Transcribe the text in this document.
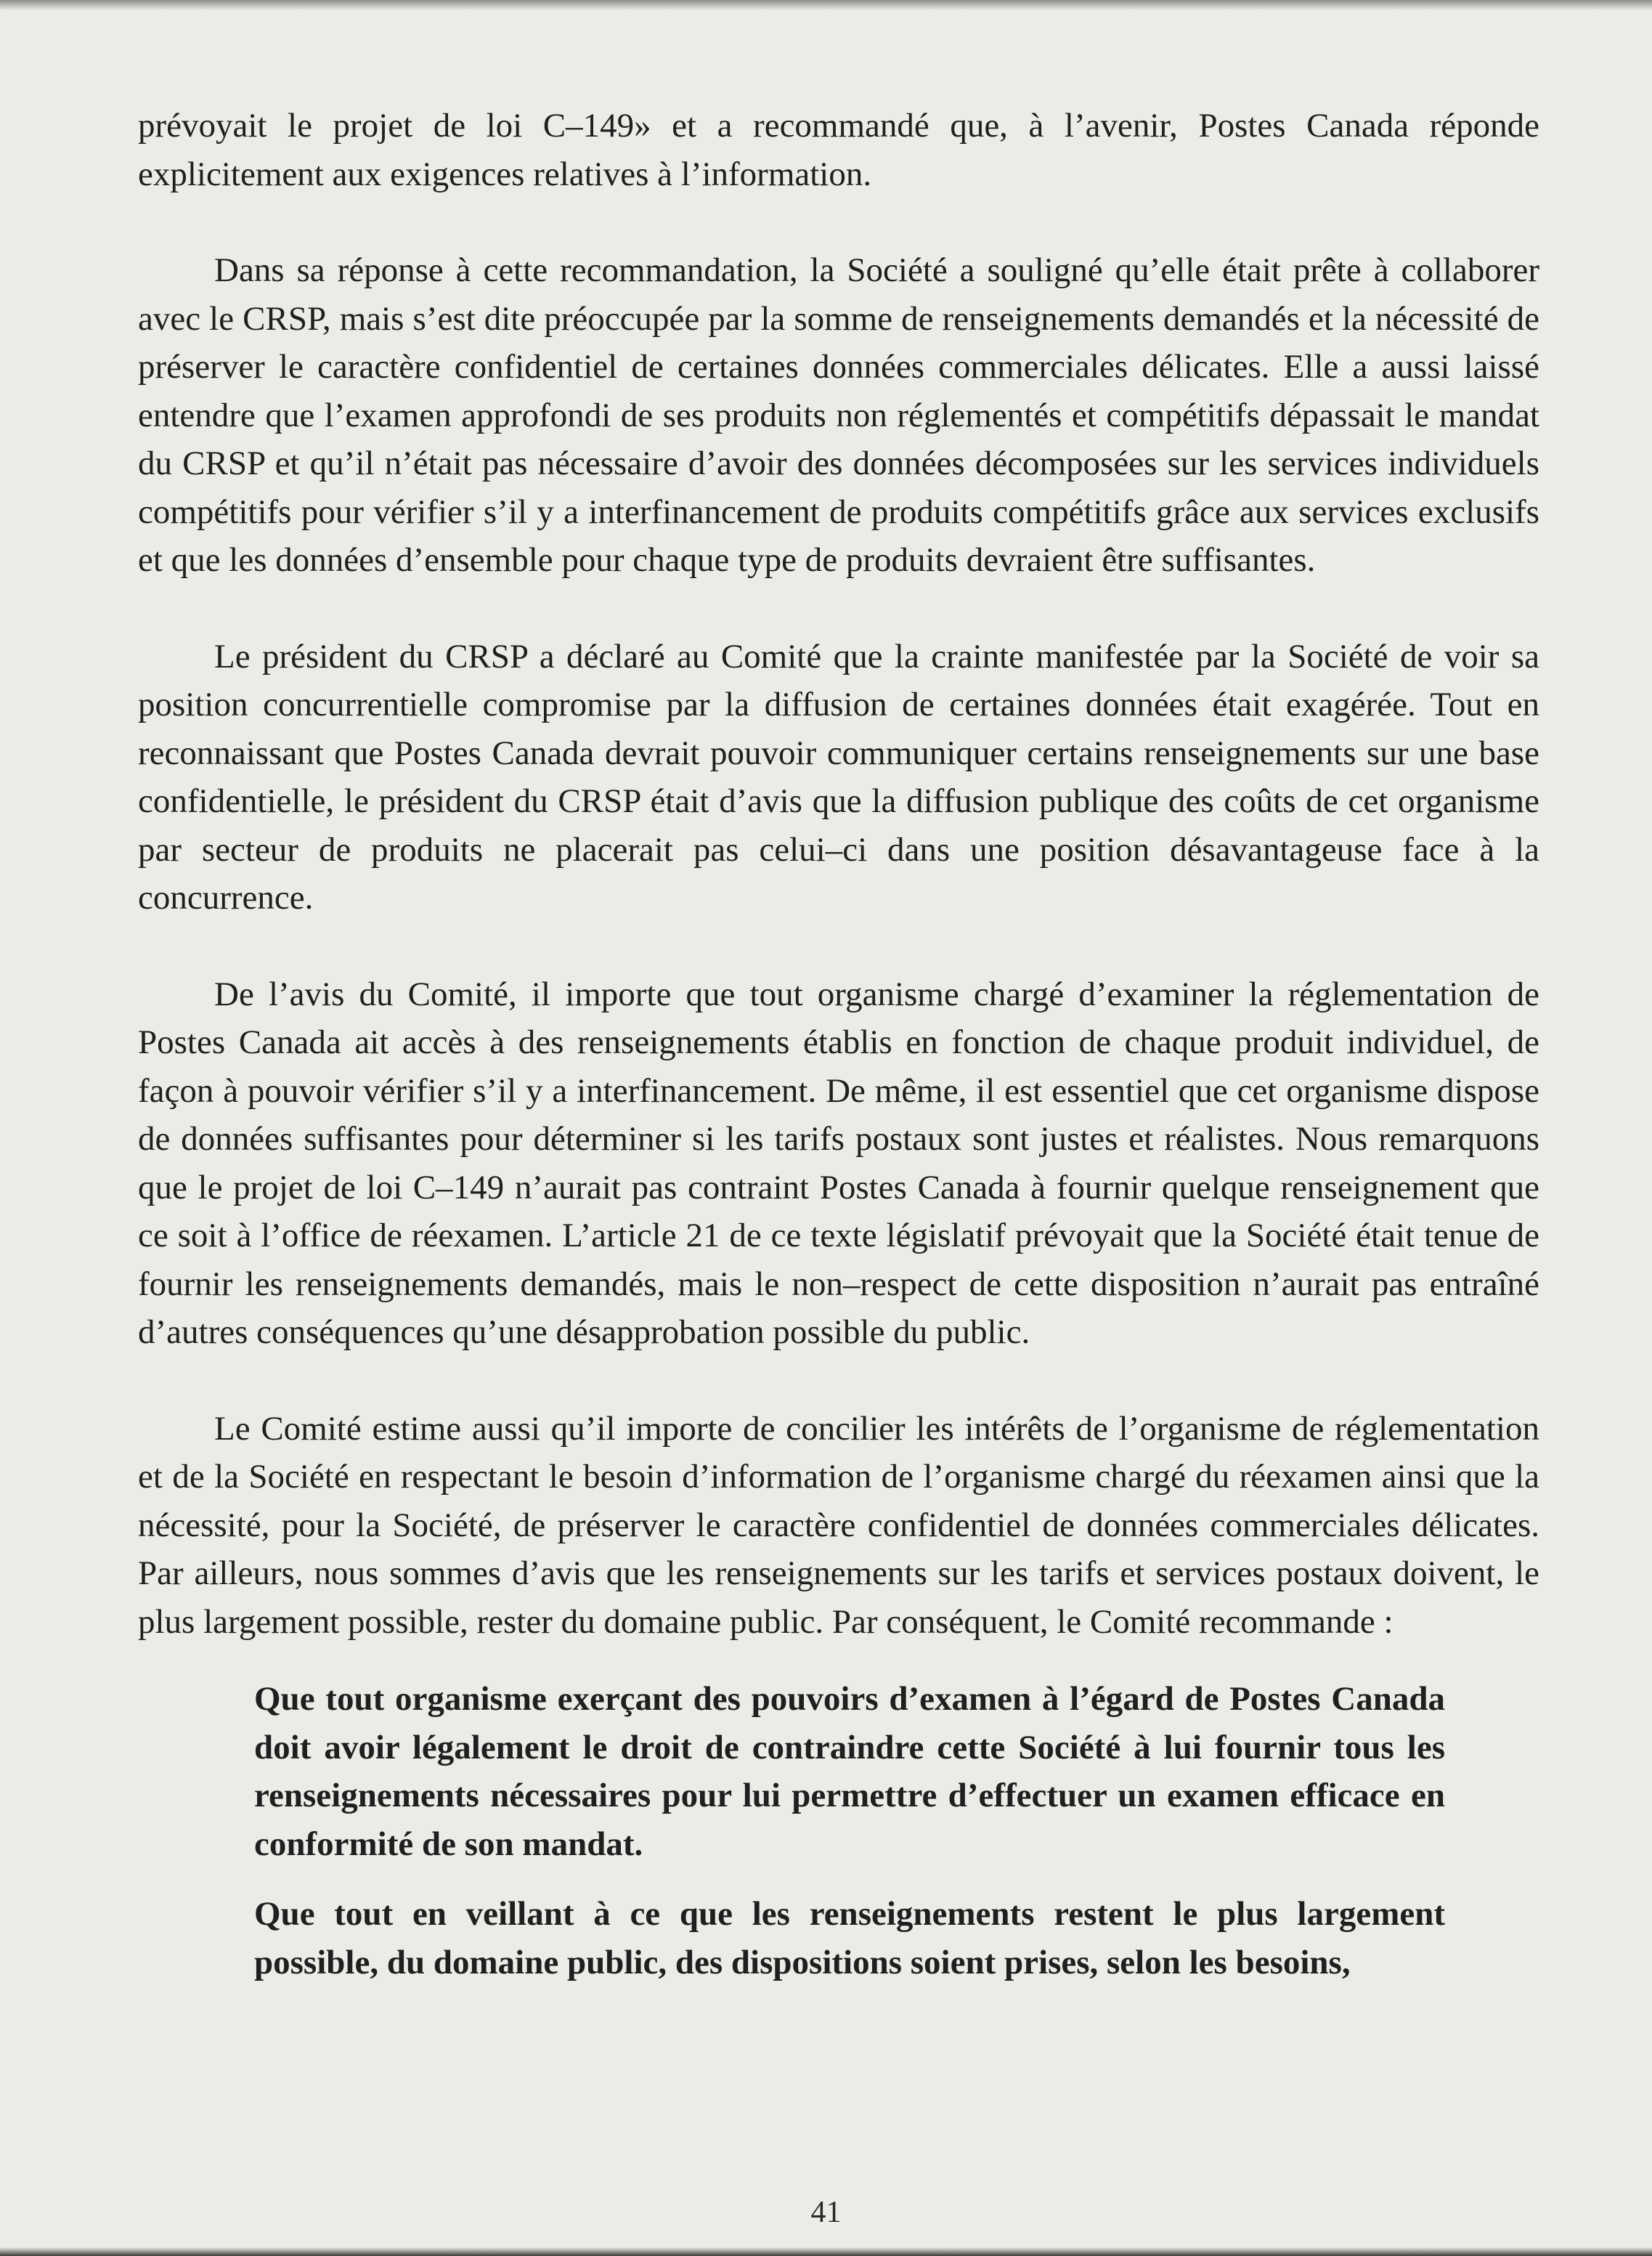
prévoyait le projet de loi C–149» et a recommandé que, à l’avenir, Postes Canada réponde explicitement aux exigences relatives à l’information.

Dans sa réponse à cette recommandation, la Société a souligné qu’elle était prête à collaborer avec le CRSP, mais s’est dite préoccupée par la somme de renseignements demandés et la nécessité de préserver le caractère confidentiel de certaines données commerciales délicates. Elle a aussi laissé entendre que l’examen approfondi de ses produits non réglementés et compétitifs dépassait le mandat du CRSP et qu’il n’était pas nécessaire d’avoir des données décomposées sur les services individuels compétitifs pour vérifier s’il y a interfinancement de produits compétitifs grâce aux services exclusifs et que les données d’ensemble pour chaque type de produits devraient être suffisantes.

Le président du CRSP a déclaré au Comité que la crainte manifestée par la Société de voir sa position concurrentielle compromise par la diffusion de certaines données était exagérée. Tout en reconnaissant que Postes Canada devrait pouvoir communiquer certains renseignements sur une base confidentielle, le président du CRSP était d’avis que la diffusion publique des coûts de cet organisme par secteur de produits ne placerait pas celui–ci dans une position désavantageuse face à la concurrence.

De l’avis du Comité, il importe que tout organisme chargé d’examiner la réglementation de Postes Canada ait accès à des renseignements établis en fonction de chaque produit individuel, de façon à pouvoir vérifier s’il y a interfinancement. De même, il est essentiel que cet organisme dispose de données suffisantes pour déterminer si les tarifs postaux sont justes et réalistes. Nous remarquons que le projet de loi C–149 n’aurait pas contraint Postes Canada à fournir quelque renseignement que ce soit à l’office de réexamen. L’article 21 de ce texte législatif prévoyait que la Société était tenue de fournir les renseignements demandés, mais le non–respect de cette disposition n’aurait pas entraîné d’autres conséquences qu’une désapprobation possible du public.

Le Comité estime aussi qu’il importe de concilier les intérêts de l’organisme de réglementation et de la Société en respectant le besoin d’information de l’organisme chargé du réexamen ainsi que la nécessité, pour la Société, de préserver le caractère confidentiel de données commerciales délicates. Par ailleurs, nous sommes d’avis que les renseignements sur les tarifs et services postaux doivent, le plus largement possible, rester du domaine public. Par conséquent, le Comité recommande :

Que tout organisme exerçant des pouvoirs d’examen à l’égard de Postes Canada doit avoir légalement le droit de contraindre cette Société à lui fournir tous les renseignements nécessaires pour lui permettre d’effectuer un examen efficace en conformité de son mandat.

Que tout en veillant à ce que les renseignements restent le plus largement possible, du domaine public, des dispositions soient prises, selon les besoins,

41
